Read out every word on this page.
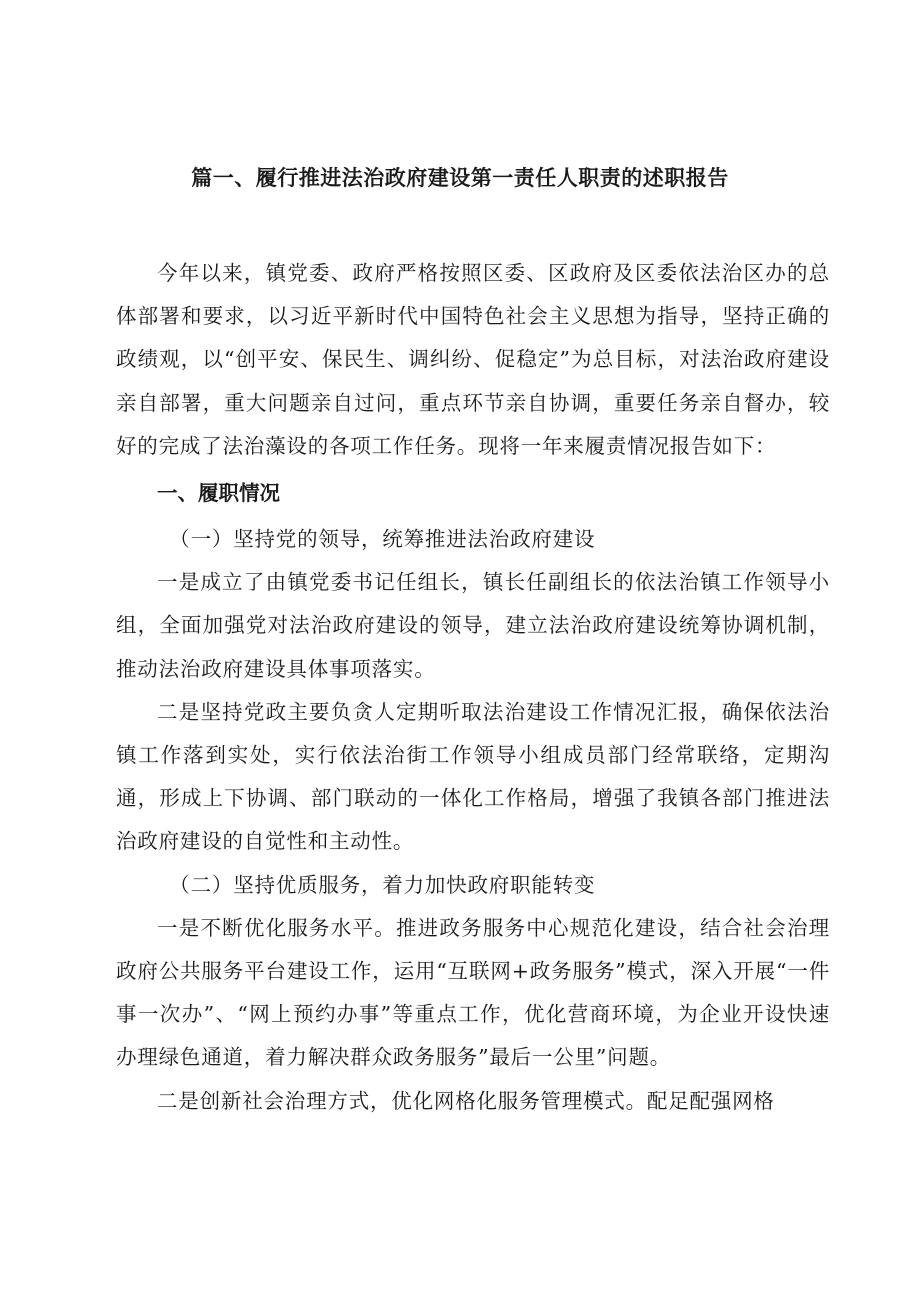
篇一、履行推进法治政府建设第一责任人职责的述职报告

今年以来，镇党委、政府严格按照区委、区政府及区委依法治区办的总体部署和要求，以习近平新时代中国特色社会主义思想为指导，坚持正确的政绩观，以“创平安、保民生、调纠纷、促稳定”为总目标，对法治政府建设亲自部署，重大问题亲自过问，重点环节亲自协调，重要任务亲自督办，较好的完成了法治藻设的各项工作任务。现将一年来履责情况报告如下：

一、履职情况

（一）坚持党的领导，统筹推进法治政府建设

一是成立了由镇党委书记任组长，镇长任副组长的依法治镇工作领导小组，全面加强党对法治政府建设的领导，建立法治政府建设统筹协调机制，推动法治政府建设具体事项落实。

二是坚持党政主要负贪人定期听取法治建设工作情况汇报，确保依法治镇工作落到实处，实行依法治街工作领导小组成员部门经常联络，定期沟通，形成上下协调、部门联动的一体化工作格局，增强了我镇各部门推进法治政府建设的自觉性和主动性。

（二）坚持优质服务，着力加快政府职能转变

一是不断优化服务水平。推进政务服务中心规范化建设，结合社会治理政府公共服务平台建设工作，运用“互联网+政务服务”模式，深入开展“一件事一次办”、“网上预约办事”等重点工作，优化营商环境，为企业开设快速办理绿色通道，着力解决群众政务服务”最后一公里”问题。

二是创新社会治理方式，优化网格化服务管理模式。配足配强网格
